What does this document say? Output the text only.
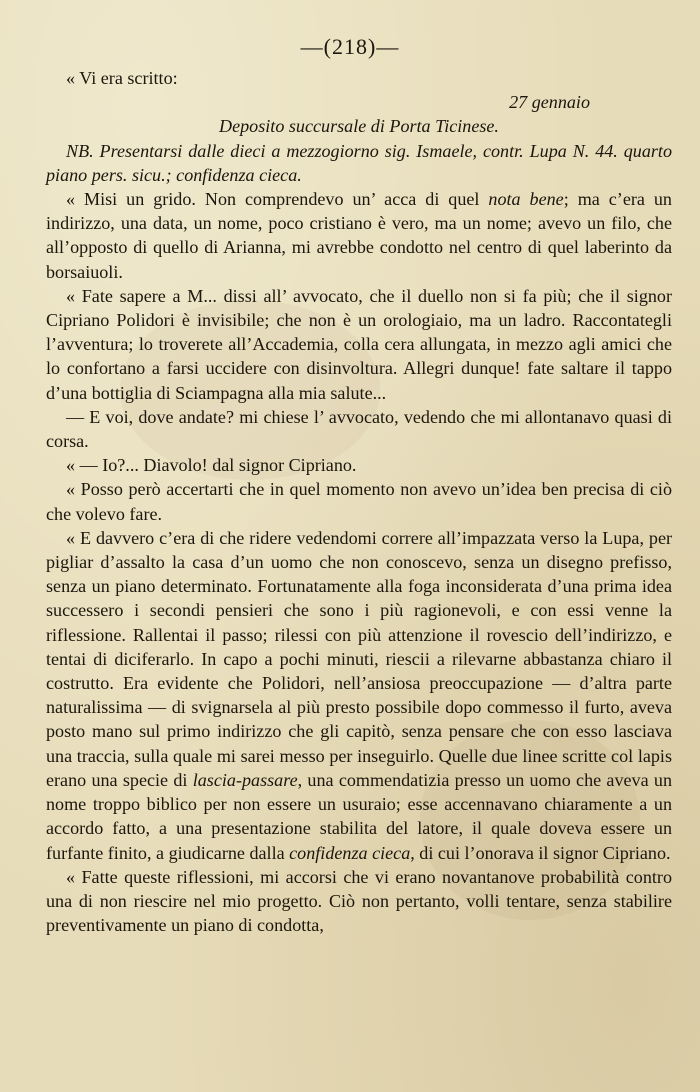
—(218)—
« Vi era scritto:
27 gennaio
Deposito succursale di Porta Ticinese.

NB. Presentarsi dalle dieci a mezzogiorno sig. Ismaele, contr. Lupa N. 44. quarto piano pers. sicu.; confidenza cieca.

« Misi un grido. Non comprendevo un’ acca di quel nota bene; ma c’era un indirizzo, una data, un nome, poco cristiano è vero, ma un nome; avevo un filo, che all’opposto di quello di Arianna, mi avrebbe condotto nel centro di quel laberinto da borsaiuoli.

« Fate sapere a M... dissi all’ avvocato, che il duello non si fa più; che il signor Cipriano Polidori è invisibile; che non è un orologiaio, ma un ladro. Raccontategli l’avventura; lo troverete all’Accademia, colla cera allungata, in mezzo agli amici che lo confortano a farsi uccidere con disinvoltura. Allegri dunque! fate saltare il tappo d’una bottiglia di Sciampagna alla mia salute...

— E voi, dove andate? mi chiese l’ avvocato, vedendo che mi allontanavo quasi di corsa.

« — Io?... Diavolo! dal signor Cipriano.

« Posso però accertarti che in quel momento non avevo un’idea ben precisa di ciò che volevo fare.

« E davvero c’era di che ridere vedendomi correre all’impazzata verso la Lupa, per pigliar d’assalto la casa d’un uomo che non conoscevo, senza un disegno prefisso, senza un piano determinato. Fortunatamente alla foga inconsiderata d’una prima idea successero i secondi pensieri che sono i più ragionevoli, e con essi venne la riflessione. Rallentai il passo; rilessi con più attenzione il rovescio dell’indirizzo, e tentai di diciferarlo. In capo a pochi minuti, riescii a rilevarne abbastanza chiaro il costrutto. Era evidente che Polidori, nell’ansiosa preoccupazione — d’altra parte naturalissima — di svignarsela al più presto possibile dopo commesso il furto, aveva posto mano sul primo indirizzo che gli capitò, senza pensare che con esso lasciava una traccia, sulla quale mi sarei messo per inseguirlo. Quelle due linee scritte col lapis erano una specie di lascia-passare, una commendatizia presso un uomo che aveva un nome troppo biblico per non essere un usuraio; esse accennavano chiaramente a un accordo fatto, a una presentazione stabilita del latore, il quale doveva essere un furfante finito, a giudicarne dalla confidenza cieca, di cui l’onorava il signor Cipriano.

« Fatte queste riflessioni, mi accorsi che vi erano novantanove probabilità contro una di non riescire nel mio progetto. Ciò non pertanto, volli tentare, senza stabilire preventivamente un piano di condotta,
